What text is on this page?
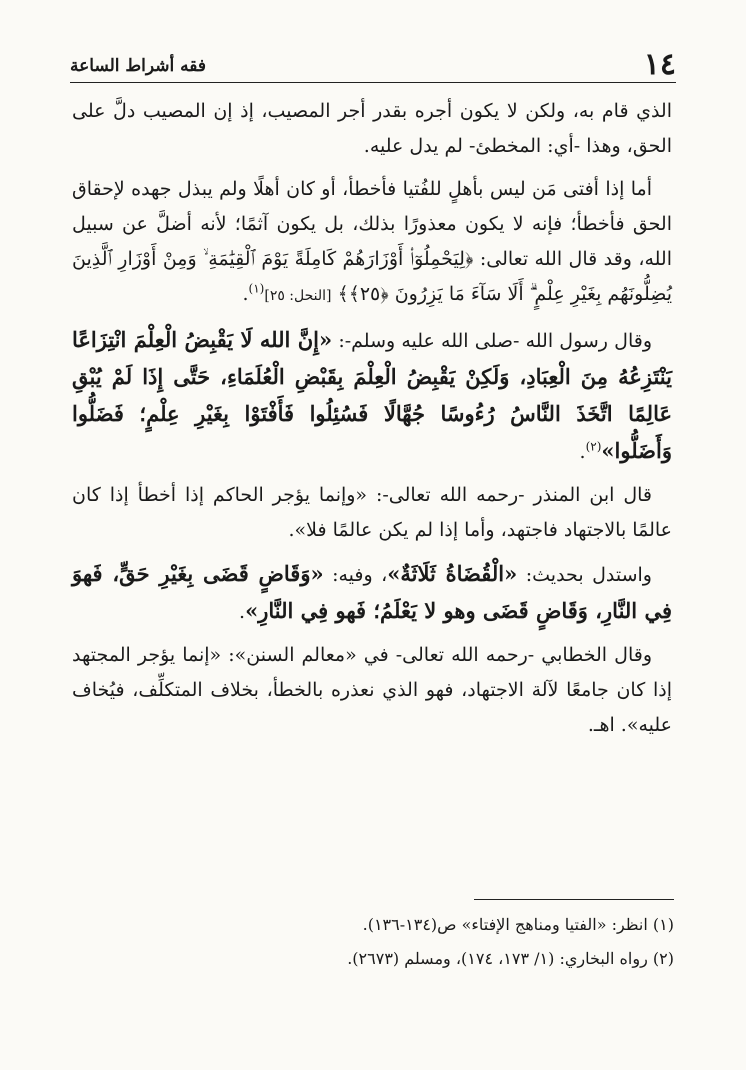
١٤
فقه أشراط الساعة

الذي قام به، ولكن لا يكون أجره بقدر أجر المصيب، إذ إن المصيب دلَّ على الحق، وهذا -أي: المخطئ- لم يدل عليه.

أما إذا أفتى مَن ليس بأهلٍ للفُتيا فأخطأ، أو كان أهلًا ولم يبذل جهده لإحقاق الحق فأخطأ؛ فإنه لا يكون معذورًا بذلك، بل يكون آثمًا؛ لأنه أضلَّ عن سبيل الله، وقد قال الله تعالى: ﴿لِيَحْمِلُوٓا۟ أَوْزَارَهُمْ كَامِلَةً يَوْمَ ٱلْقِيَٰمَةِ ۙ وَمِنْ أَوْزَارِ ٱلَّذِينَ يُضِلُّونَهُم بِغَيْرِ عِلْمٍ ۗ أَلَا سَآءَ مَا يَزِرُونَ ﴿٢٥﴾﴾ [النحل: ٢٥]$^{(١)}$.

وقال رسول الله -صلى الله عليه وسلم-: «إِنَّ الله لَا يَقْبِضُ الْعِلْمَ انْتِزَاعًا يَنْتَزِعُهُ مِنَ الْعِبَادِ، وَلَكِنْ يَقْبِضُ الْعِلْمَ بِقَبْضِ الْعُلَمَاءِ، حَتَّى إِذَا لَمْ يُبْقِ عَالِمًا اتَّخَذَ النَّاسُ رُءُوسًا جُهَّالًا فَسُئِلُوا فَأَفْتَوْا بِغَيْرِ عِلْمٍ؛ فَضَلُّوا وَأَضَلُّوا»$^{(٢)}$.

قال ابن المنذر -رحمه الله تعالى-: «وإنما يؤجر الحاكم إذا أخطأ إذا كان عالمًا بالاجتهاد فاجتهد، وأما إذا لم يكن عالمًا فلا».

واستدل بحديث: «الْقُضَاةُ ثَلَاثَةٌ»، وفيه: «وَقَاضٍ قَضَى بِغَيْرِ حَقٍّ، فَهوَ فِي النَّارِ، وَقَاضٍ قَضَى وهو لا يَعْلَمُ؛ فَهو فِي النَّارِ».

وقال الخطابي -رحمه الله تعالى- في «معالم السنن»: «إنما يؤجر المجتهد إذا كان جامعًا لآلة الاجتهاد، فهو الذي نعذره بالخطأ، بخلاف المتكلِّف، فيُخاف عليه». اهـ.

(١) انظر: «الفتيا ومناهج الإفتاء» ص(١٣٤-١٣٦).
(٢) رواه البخاري: (١/ ١٧٣، ١٧٤)، ومسلم (٢٦٧٣).
